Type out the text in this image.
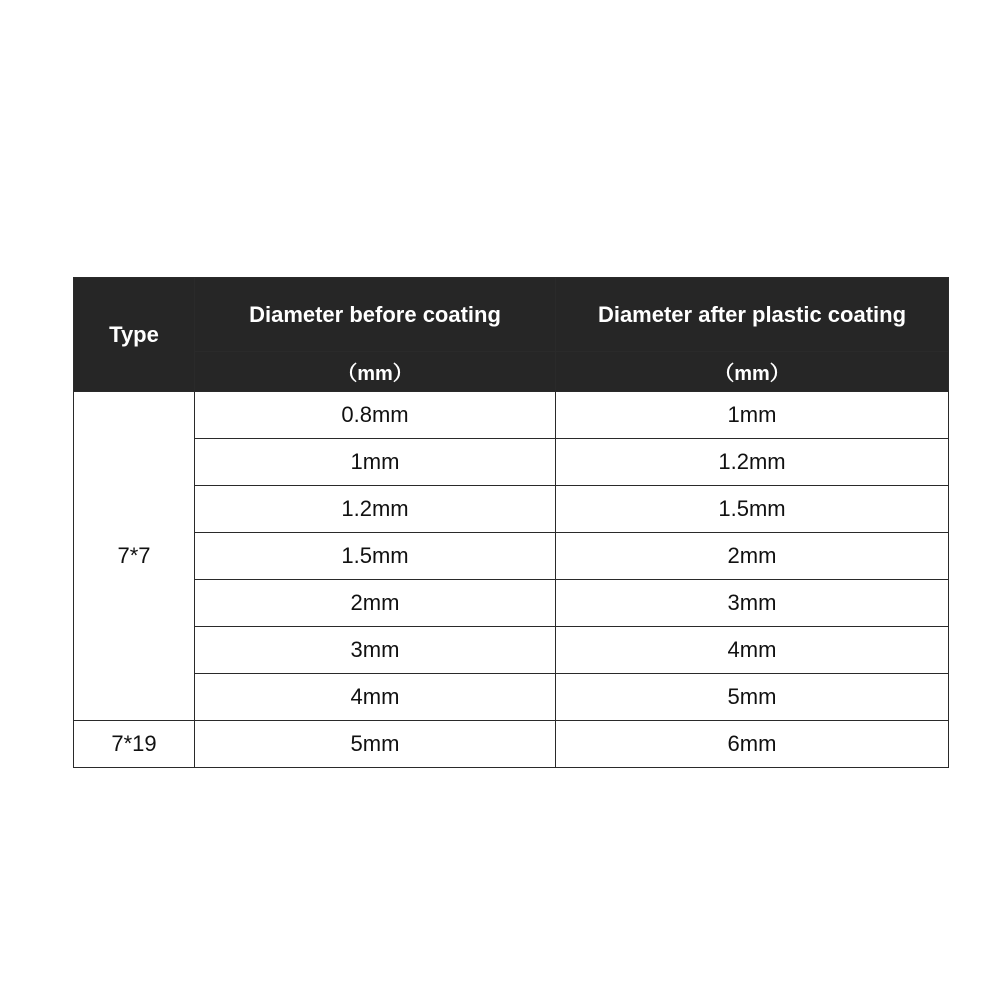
Type	Diameter before coating	Diameter after plastic coating
	（mm）	（mm）
7*7	0.8mm	1mm
	1mm	1.2mm
	1.2mm	1.5mm
	1.5mm	2mm
	2mm	3mm
	3mm	4mm
	4mm	5mm
7*19	5mm	6mm
